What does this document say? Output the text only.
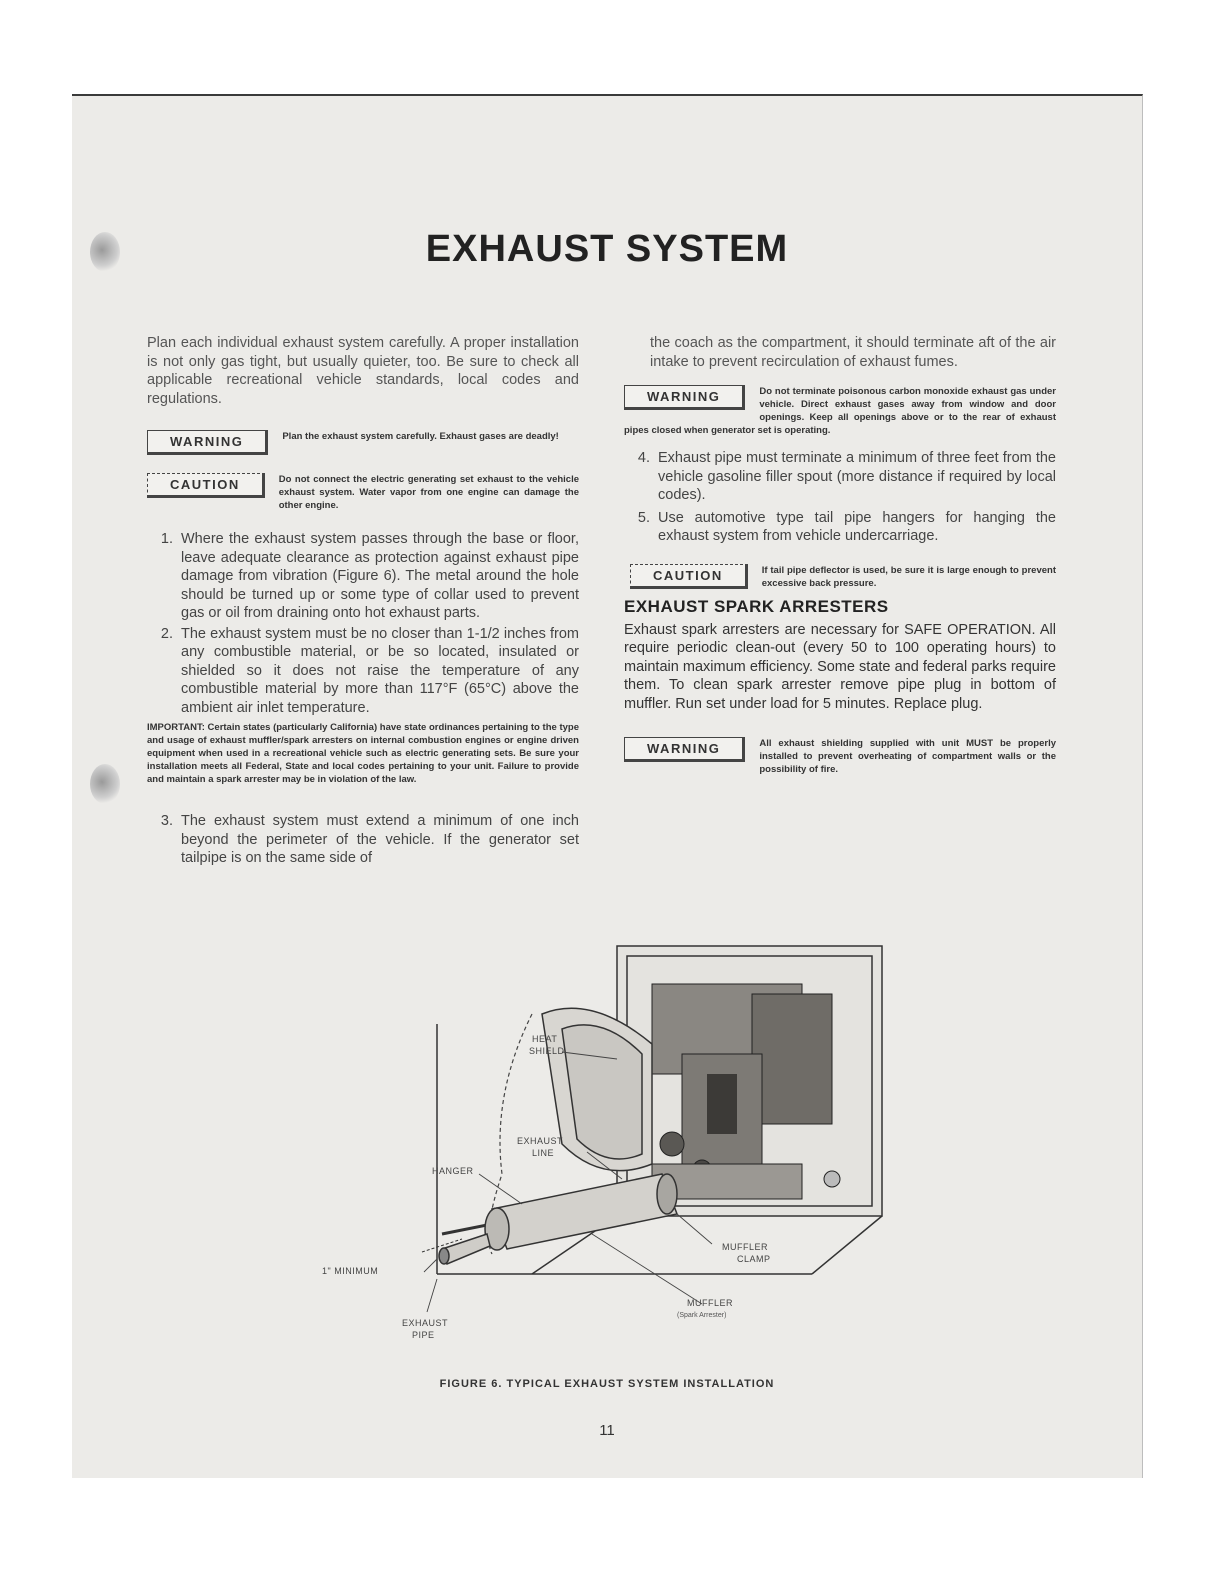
EXHAUST SYSTEM

Plan each individual exhaust system carefully. A proper installation is not only gas tight, but usually quieter, too. Be sure to check all applicable recreational vehicle standards, local codes and regulations.

WARNING	Plan the exhaust system carefully. Exhaust gases are deadly!

CAUTION	Do not connect the electric generating set exhaust to the vehicle exhaust system. Water vapor from one engine can damage the other engine.

1. Where the exhaust system passes through the base or floor, leave adequate clearance as protection against exhaust pipe damage from vibration (Figure 6). The metal around the hole should be turned up or some type of collar used to prevent gas or oil from draining onto hot exhaust parts.
2. The exhaust system must be no closer than 1-1/2 inches from any combustible material, or be so located, insulated or shielded so it does not raise the temperature of any combustible material by more than 117°F (65°C) above the ambient air inlet temperature.

IMPORTANT: Certain states (particularly California) have state ordinances pertaining to the type and usage of exhaust muffler/spark arresters on internal combustion engines or engine driven equipment when used in a recreational vehicle such as electric generating sets. Be sure your installation meets all Federal, State and local codes pertaining to your unit. Failure to provide and maintain a spark arrester may be in violation of the law.

3. The exhaust system must extend a minimum of one inch beyond the perimeter of the vehicle. If the generator set tailpipe is on the same side of

the coach as the compartment, it should terminate aft of the air intake to prevent recirculation of exhaust fumes.

WARNING	Do not terminate poisonous carbon monoxide exhaust gas under vehicle. Direct exhaust gases away from window and door openings. Keep all openings above or to the rear of exhaust pipes closed when generator set is operating.

4. Exhaust pipe must terminate a minimum of three feet from the vehicle gasoline filler spout (more distance if required by local codes).
5. Use automotive type tail pipe hangers for hanging the exhaust system from vehicle undercarriage.
CAUTION	If tail pipe deflector is used, be sure it is large enough to prevent excessive back pressure.

EXHAUST SPARK ARRESTERS

Exhaust spark arresters are necessary for SAFE OPERATION. All require periodic clean-out (every 50 to 100 operating hours) to maintain maximum efficiency. Some state and federal parks require them. To clean spark arrester remove pipe plug in bottom of muffler. Run set under load for 5 minutes. Replace plug.

WARNING	All exhaust shielding supplied with unit MUST be properly installed to prevent overheating of compartment walls or the possibility of fire.

HEAT
SHIELD
EXHAUST
LINE
HANGER
1" MINIMUM
EXHAUST
PIPE
MUFFLER
CLAMP
MUFFLER
(Spark Arrester)
FIGURE 6. TYPICAL EXHAUST SYSTEM INSTALLATION
11
